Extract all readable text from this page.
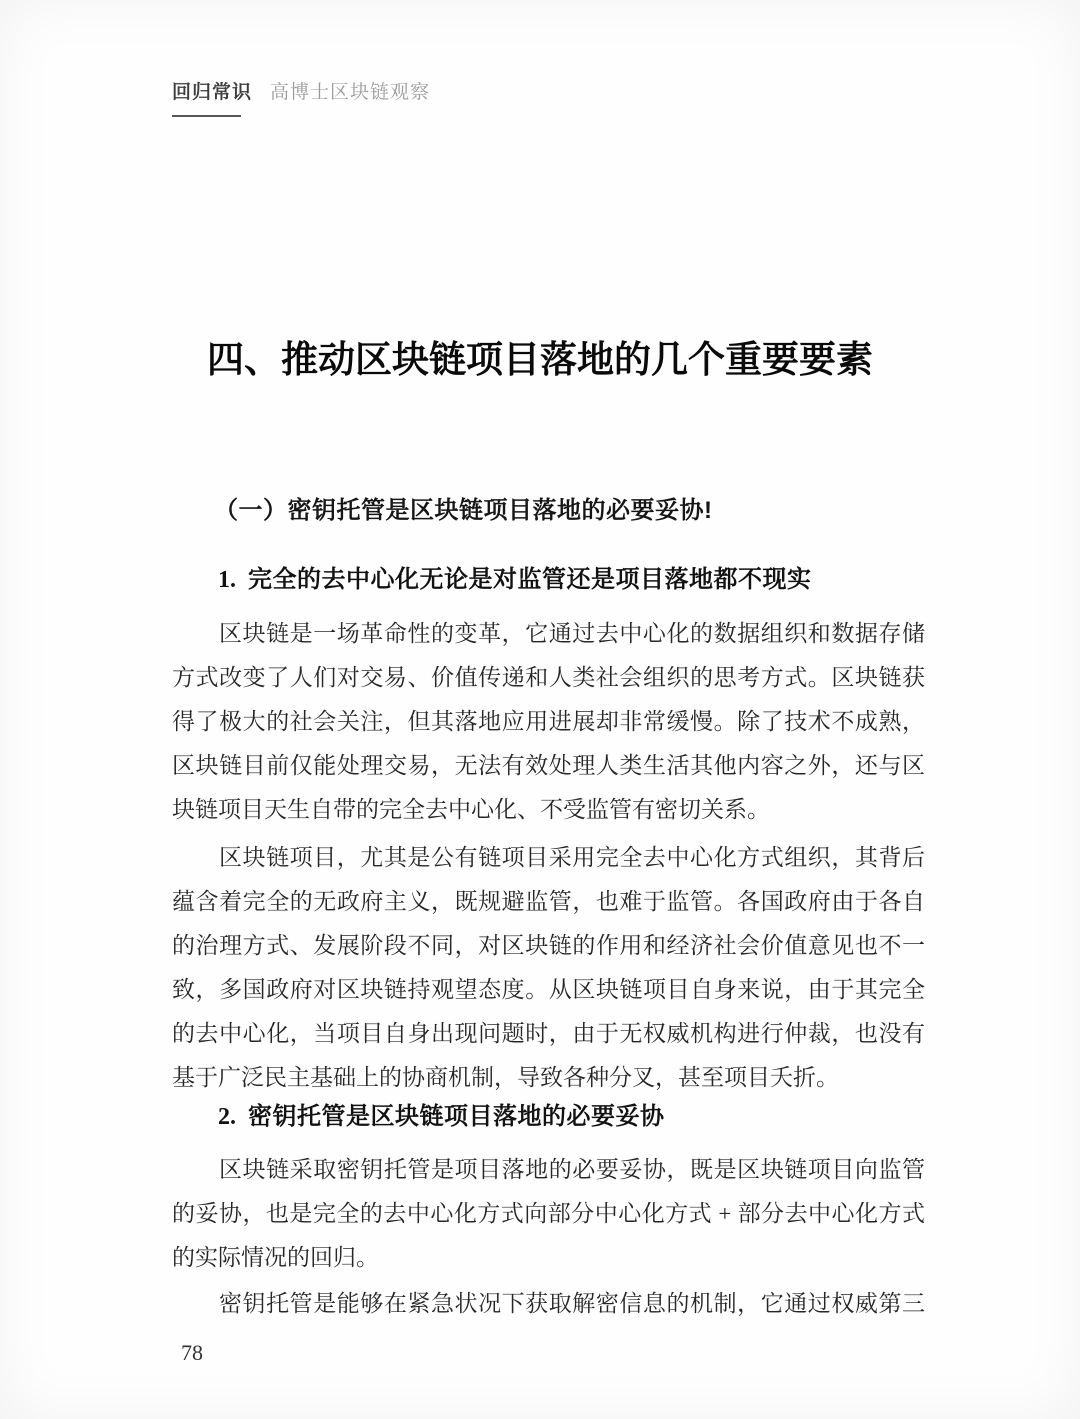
回归常识 高博士区块链观察
四、推动区块链项目落地的几个重要要素
（一）密钥托管是区块链项目落地的必要妥协!
1. 完全的去中心化无论是对监管还是项目落地都不现实
区块链是一场革命性的变革，它通过去中心化的数据组织和数据存储
方式改变了人们对交易、价值传递和人类社会组织的思考方式。区块链获
得了极大的社会关注，但其落地应用进展却非常缓慢。除了技术不成熟，
区块链目前仅能处理交易，无法有效处理人类生活其他内容之外，还与区
块链项目天生自带的完全去中心化、不受监管有密切关系。
区块链项目，尤其是公有链项目采用完全去中心化方式组织，其背后
蕴含着完全的无政府主义，既规避监管，也难于监管。各国政府由于各自
的治理方式、发展阶段不同，对区块链的作用和经济社会价值意见也不一
致，多国政府对区块链持观望态度。从区块链项目自身来说，由于其完全
的去中心化，当项目自身出现问题时，由于无权威机构进行仲裁，也没有
基于广泛民主基础上的协商机制，导致各种分叉，甚至项目夭折。
2. 密钥托管是区块链项目落地的必要妥协
区块链采取密钥托管是项目落地的必要妥协，既是区块链项目向监管
的妥协，也是完全的去中心化方式向部分中心化方式 + 部分去中心化方式
的实际情况的回归。
密钥托管是能够在紧急状况下获取解密信息的机制，它通过权威第三
78
